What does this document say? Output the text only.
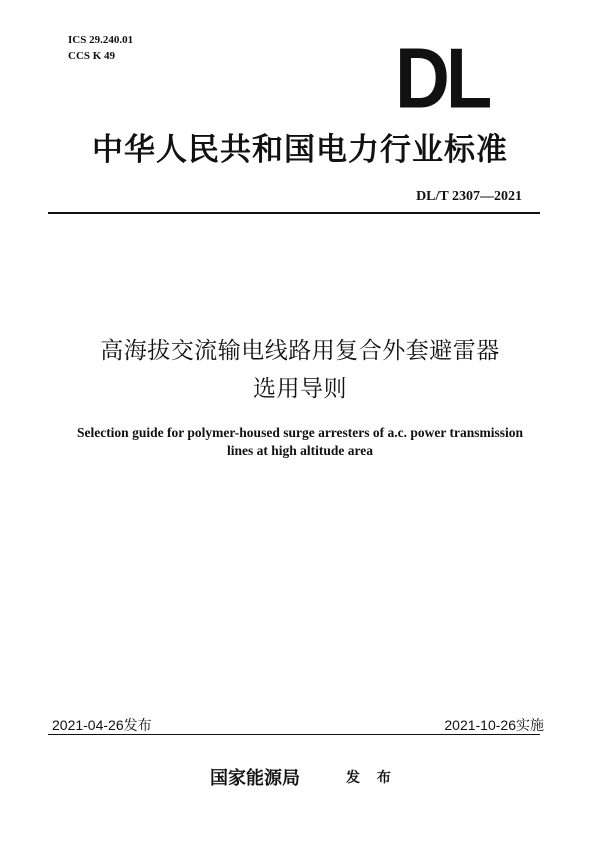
ICS 29.240.01
CCS K 49	DL
中华人民共和国电力行业标准
DL/T 2307—2021
高海拔交流输电线路用复合外套避雷器
选用导则
Selection guide for polymer-housed surge arresters of a.c. power transmission
lines at high altitude area
2021-04-26发布	2021-10-26实施
国家能源局	发 布
